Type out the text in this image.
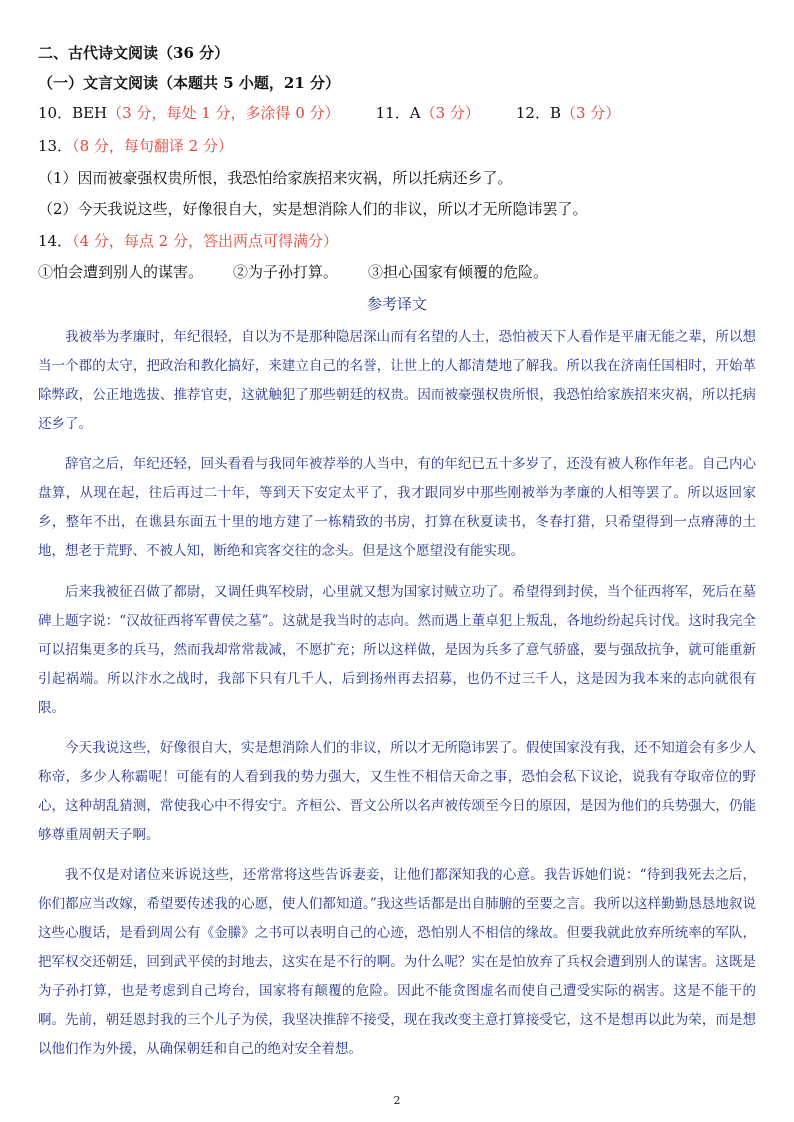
二、古代诗文阅读（36 分）
（一）文言文阅读（本题共 5 小题，21 分）
10．BEH（3 分，每处 1 分，多涂得 0 分） 11．A（3 分） 12．B（3 分）
13．（8 分，每句翻译 2 分）
（1）因而被豪强权贵所恨，我恐怕给家族招来灾祸，所以托病还乡了。
（2）今天我说这些，好像很自大，实是想消除人们的非议，所以才无所隐讳罢了。
14．（4 分，每点 2 分，答出两点可得满分）
①怕会遭到别人的谋害。 ②为子孙打算。 ③担心国家有倾覆的危险。
参考译文

我被举为孝廉时，年纪很轻，自以为不是那种隐居深山而有名望的人士，恐怕被天下人看作是平庸无能之辈，所以想当一个郡的太守，把政治和教化搞好，来建立自己的名誉，让世上的人都清楚地了解我。所以我在济南任国相时，开始革除弊政，公正地选拔、推荐官吏，这就触犯了那些朝廷的权贵。因而被豪强权贵所恨，我恐怕给家族招来灾祸，所以托病还乡了。

辞官之后，年纪还轻，回头看看与我同年被荐举的人当中，有的年纪已五十多岁了，还没有被人称作年老。自己内心盘算，从现在起，往后再过二十年，等到天下安定太平了，我才跟同岁中那些刚被举为孝廉的人相等罢了。所以返回家乡，整年不出，在谯县东面五十里的地方建了一栋精致的书房，打算在秋夏读书，冬春打猎，只希望得到一点瘠薄的土地，想老于荒野、不被人知，断绝和宾客交往的念头。但是这个愿望没有能实现。

后来我被征召做了都尉，又调任典军校尉，心里就又想为国家讨贼立功了。希望得到封侯，当个征西将军，死后在墓碑上题字说：“汉故征西将军曹侯之墓”。这就是我当时的志向。然而遇上董卓犯上叛乱，各地纷纷起兵讨伐。这时我完全可以招集更多的兵马，然而我却常常裁减，不愿扩充；所以这样做，是因为兵多了意气骄盛，要与强敌抗争，就可能重新引起祸端。所以汴水之战时，我部下只有几千人，后到扬州再去招募，也仍不过三千人，这是因为我本来的志向就很有限。

今天我说这些，好像很自大，实是想消除人们的非议，所以才无所隐讳罢了。假使国家没有我，还不知道会有多少人称帝，多少人称霸呢！可能有的人看到我的势力强大，又生性不相信天命之事，恐怕会私下议论，说我有夺取帝位的野心，这种胡乱猜测，常使我心中不得安宁。齐桓公、晋文公所以名声被传颂至今日的原因，是因为他们的兵势强大，仍能够尊重周朝天子啊。

我不仅是对诸位来诉说这些，还常常将这些告诉妻妾，让他们都深知我的心意。我告诉她们说：“待到我死去之后，你们都应当改嫁，希望要传述我的心愿，使人们都知道。”我这些话都是出自肺腑的至要之言。我所以这样勤勤恳恳地叙说这些心腹话，是看到周公有《金縢》之书可以表明自己的心迹，恐怕别人不相信的缘故。但要我就此放弃所统率的军队，把军权交还朝廷，回到武平侯的封地去，这实在是不行的啊。为什么呢？实在是怕放弃了兵权会遭到别人的谋害。这既是为子孙打算，也是考虑到自己垮台，国家将有颠覆的危险。因此不能贪图虚名而使自己遭受实际的祸害。这是不能干的啊。先前，朝廷恩封我的三个儿子为侯，我坚决推辞不接受，现在我改变主意打算接受它，这不是想再以此为荣，而是想以他们作为外援，从确保朝廷和自己的绝对安全着想。

2
